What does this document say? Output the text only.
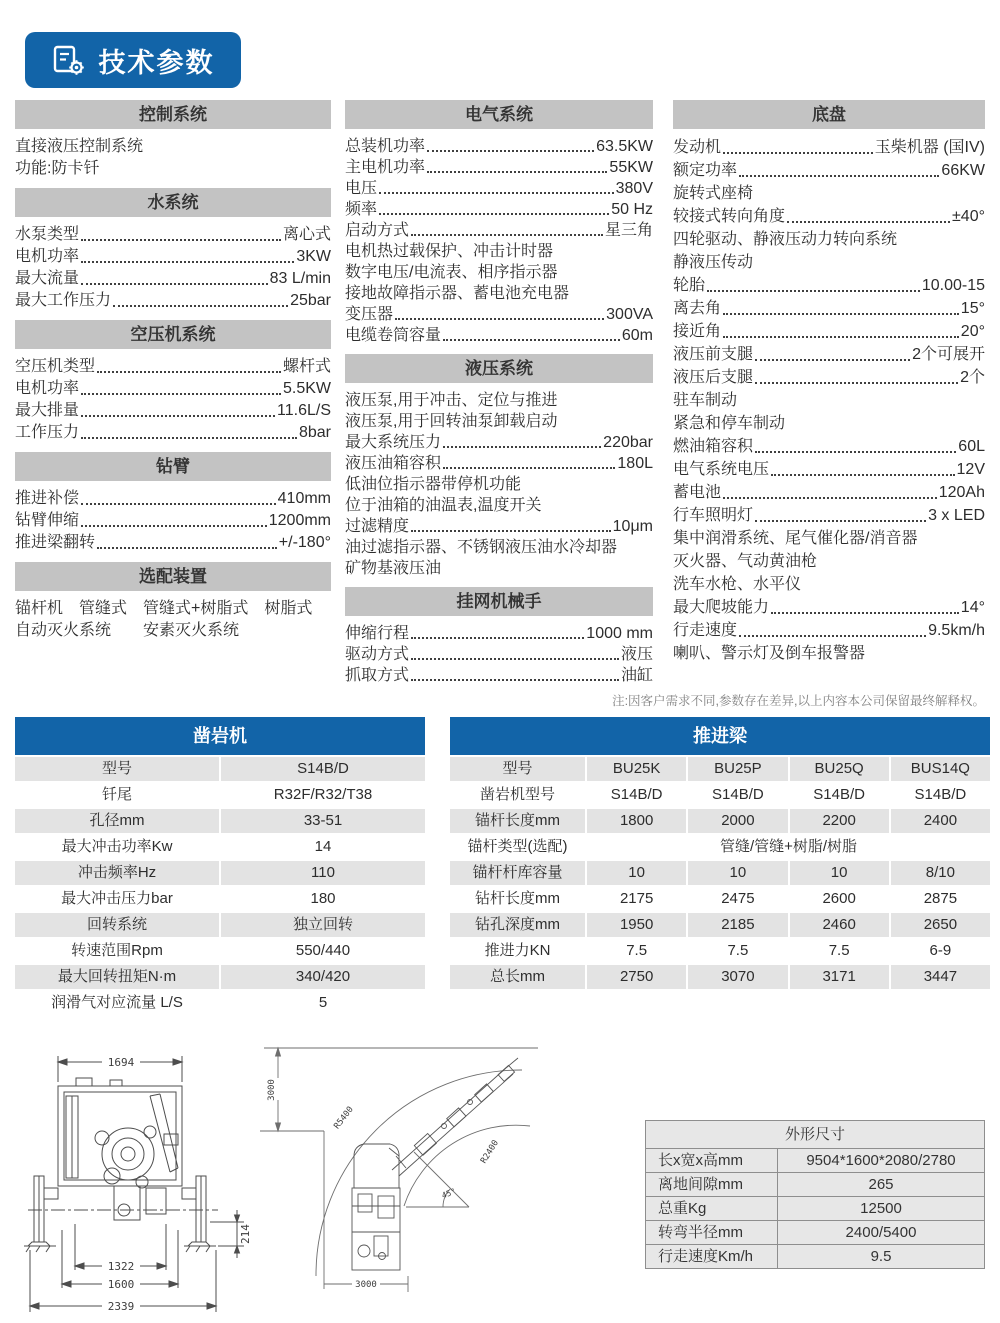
技术参数
控制系统
直接液压控制系统
功能:防卡钎
水系统
水泵类型	离心式
电机功率	3KW
最大流量	83 L/min
最大工作压力	25bar
空压机系统
空压机类型	螺杆式
电机功率	5.5KW
最大排量	11.6L/S
工作压力	8bar
钻臂
推进补偿	410mm
钻臂伸缩	1200mm
推进梁翻转	+/-180°
选配装置
锚杆机　管缝式　管缝式+树脂式　树脂式
自动灭火系统　　安素灭火系统
电气系统
总装机功率	63.5KW
主电机功率	55KW
电压	380V
频率	50 Hz
启动方式	星三角
电机热过载保护、冲击计时器
数字电压/电流表、相序指示器
接地故障指示器、蓄电池充电器
变压器	300VA
电缆卷筒容量	60m
液压系统
液压泵,用于冲击、定位与推进
液压泵,用于回转油泵卸载启动
最大系统压力	220bar
液压油箱容积	180L
低油位指示器带停机功能
位于油箱的油温表,温度开关
过滤精度	10μm
油过滤指示器、不锈钢液压油水冷却器
矿物基液压油
挂网机械手
伸缩行程	1000 mm
驱动方式	液压
抓取方式	油缸
底盘
发动机	玉柴机器 (国IV)
额定功率	66KW
旋转式座椅
较接式转向角度	±40°
四轮驱动、静液压动力转向系统
静液压传动
轮胎	10.00-15
离去角	15°
接近角	20°
液压前支腿	2个可展开
液压后支腿	2个
驻车制动
紧急和停车制动
燃油箱容积	60L
电气系统电压	12V
蓄电池	120Ah
行车照明灯	3 x LED
集中润滑系统、尾气催化器/消音器
灭火器、气动黄油枪
洗车水枪、水平仪
最大爬坡能力	14°
行走速度	9.5km/h
喇叭、警示灯及倒车报警器
注:因客户需求不同,参数存在差异,以上内容本公司保留最终解释权。
凿岩机
型号	S14B/D
钎尾	R32F/R32/T38
孔径mm	33-51
最大冲击功率Kw	14
冲击频率Hz	110
最大冲击压力bar	180
回转系统	独立回转
转速范围Rpm	550/440
最大回转扭矩N·m	340/420
润滑气对应流量 L/S	5
推进梁
型号	BU25K	BU25P	BU25Q	BUS14Q
凿岩机型号	S14B/D	S14B/D	S14B/D	S14B/D
锚杆长度mm	1800	2000	2200	2400
锚杆类型(选配)	管缝/管缝+树脂/树脂
锚杆杆库容量	10	10	10	8/10
钻杆长度mm	2175	2475	2600	2875
钻孔深度mm	1950	2185	2460	2650
推进力KN	7.5	7.5	7.5	6-9
总长mm	2750	3070	3171	3447
1694
214
1322
1600
2339
3000
3000
R5400
R2400
45°
外形尺寸
长x宽x高mm	9504*1600*2080/2780
离地间隙mm	265
总重Kg	12500
转弯半径mm	2400/5400
行走速度Km/h	9.5
